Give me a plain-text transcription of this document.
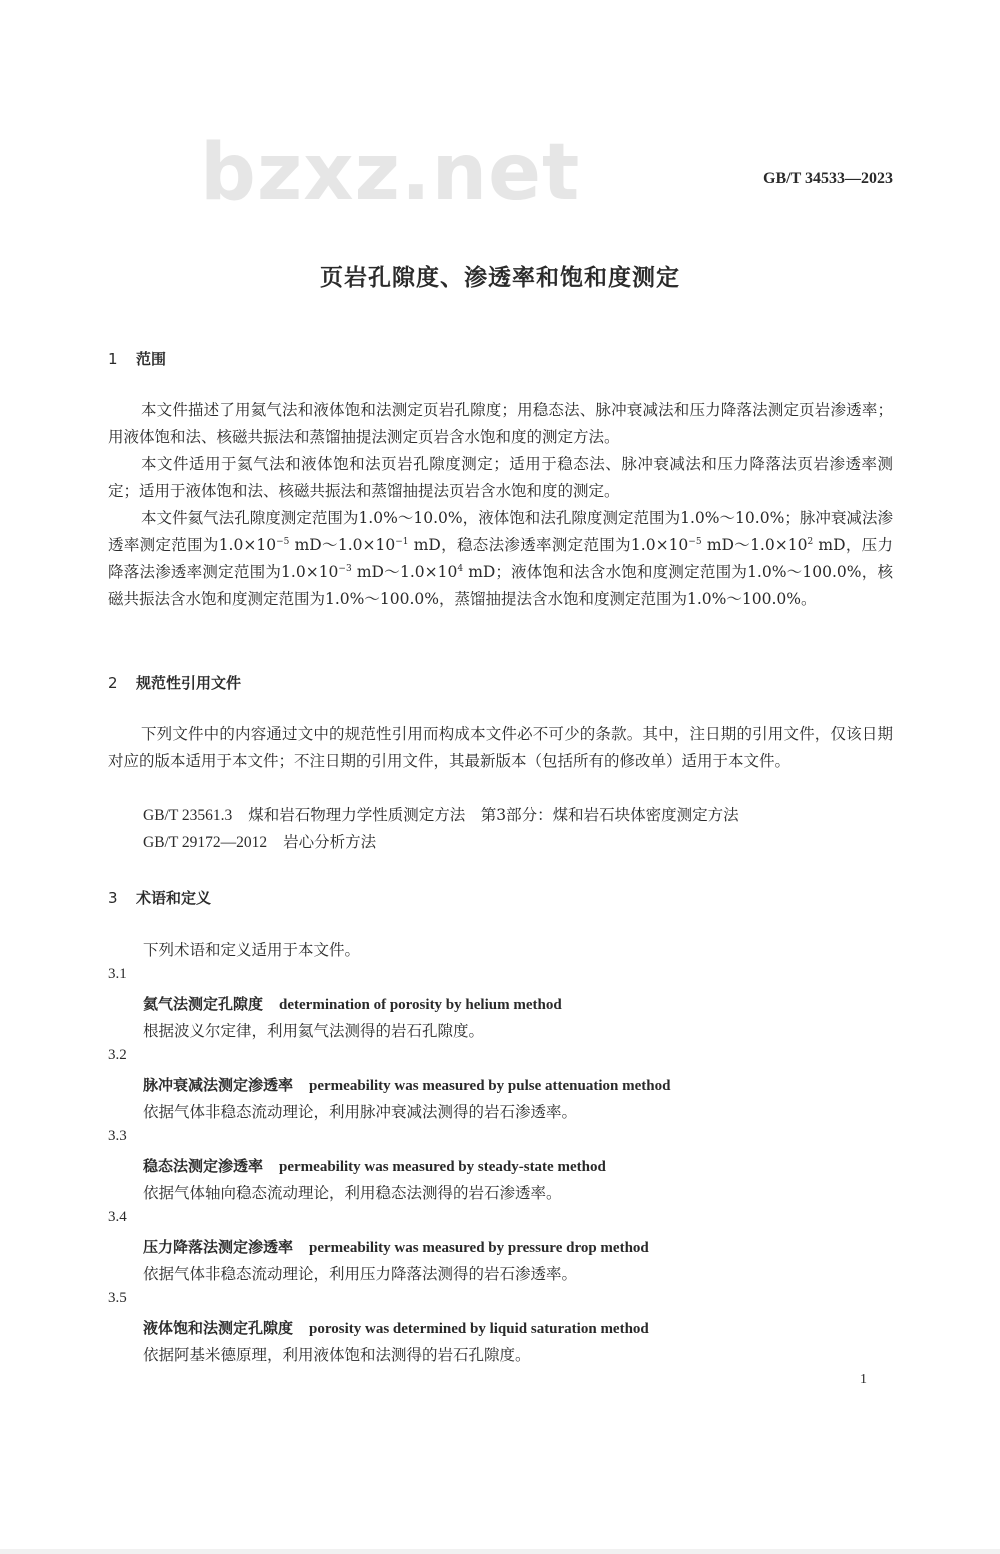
bzxz.net	GB/T 34533—2023
页岩孔隙度、渗透率和饱和度测定
1 范围

本文件描述了用氦气法和液体饱和法测定页岩孔隙度；用稳态法、脉冲衰减法和压力降落法测定页岩渗透率；用液体饱和法、核磁共振法和蒸馏抽提法测定页岩含水饱和度的测定方法。

本文件适用于氦气法和液体饱和法页岩孔隙度测定；适用于稳态法、脉冲衰减法和压力降落法页岩渗透率测定；适用于液体饱和法、核磁共振法和蒸馏抽提法页岩含水饱和度的测定。

本文件氦气法孔隙度测定范围为1.0%～10.0%，液体饱和法孔隙度测定范围为1.0%～10.0%；脉冲衰减法渗透率测定范围为$1.0\times 10^{-5}$ $mD\sim 1.0\times 10^{-1}$ mD，稳态法渗透率测定范围为$1.0\times 10^{-5}$ $mD\sim 1.0\times 10^2$ mD，压力降落法渗透率测定范围为$1.0\times 10^{-3}$ $mD\sim 1.0\times 10^4$ mD；液体饱和法含水饱和度测定范围为1.0%～100.0%，核磁共振法含水饱和度测定范围为1.0%～100.0%，蒸馏抽提法含水饱和度测定范围为1.0%～100.0%。

2 规范性引用文件

下列文件中的内容通过文中的规范性引用而构成本文件必不可少的条款。其中，注日期的引用文件，仅该日期对应的版本适用于本文件；不注日期的引用文件，其最新版本（包括所有的修改单）适用于本文件。

GB/T 23561.3 煤和岩石物理力学性质测定方法　第3部分：煤和岩石块体密度测定方法
GB/T 29172—2012 岩心分析方法
3 术语和定义
下列术语和定义适用于本文件。
3.1
氦气法测定孔隙度 determination of porosity by helium method
根据波义尔定律，利用氦气法测得的岩石孔隙度。
3.2
脉冲衰减法测定渗透率 permeability was measured by pulse attenuation method
依据气体非稳态流动理论，利用脉冲衰减法测得的岩石渗透率。
3.3
稳态法测定渗透率 permeability was measured by steady-state method
依据气体轴向稳态流动理论，利用稳态法测得的岩石渗透率。
3.4
压力降落法测定渗透率 permeability was measured by pressure drop method
依据气体非稳态流动理论，利用压力降落法测得的岩石渗透率。
3.5
液体饱和法测定孔隙度 porosity was determined by liquid saturation method
依据阿基米德原理，利用液体饱和法测得的岩石孔隙度。
1
